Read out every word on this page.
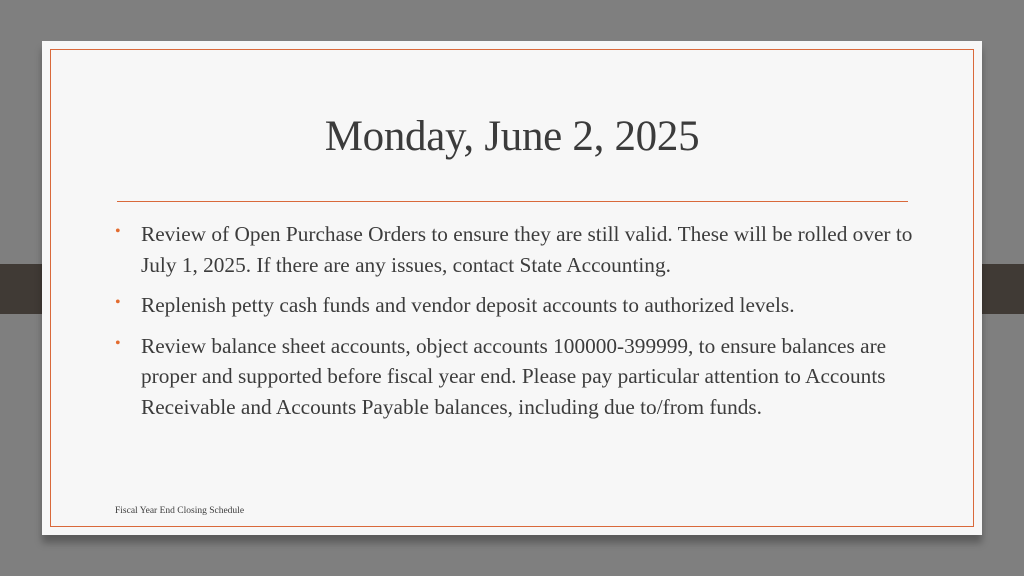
Monday, June 2, 2025
• Review of Open Purchase Orders to ensure they are still valid. These will be rolled over to July 1, 2025. If there are any issues, contact State Accounting.
• Replenish petty cash funds and vendor deposit accounts to authorized levels.
• Review balance sheet accounts, object accounts 100000-399999, to ensure balances are proper and supported before fiscal year end. Please pay particular attention to Accounts Receivable and Accounts Payable balances, including due to/from funds.
Fiscal Year End Closing Schedule
